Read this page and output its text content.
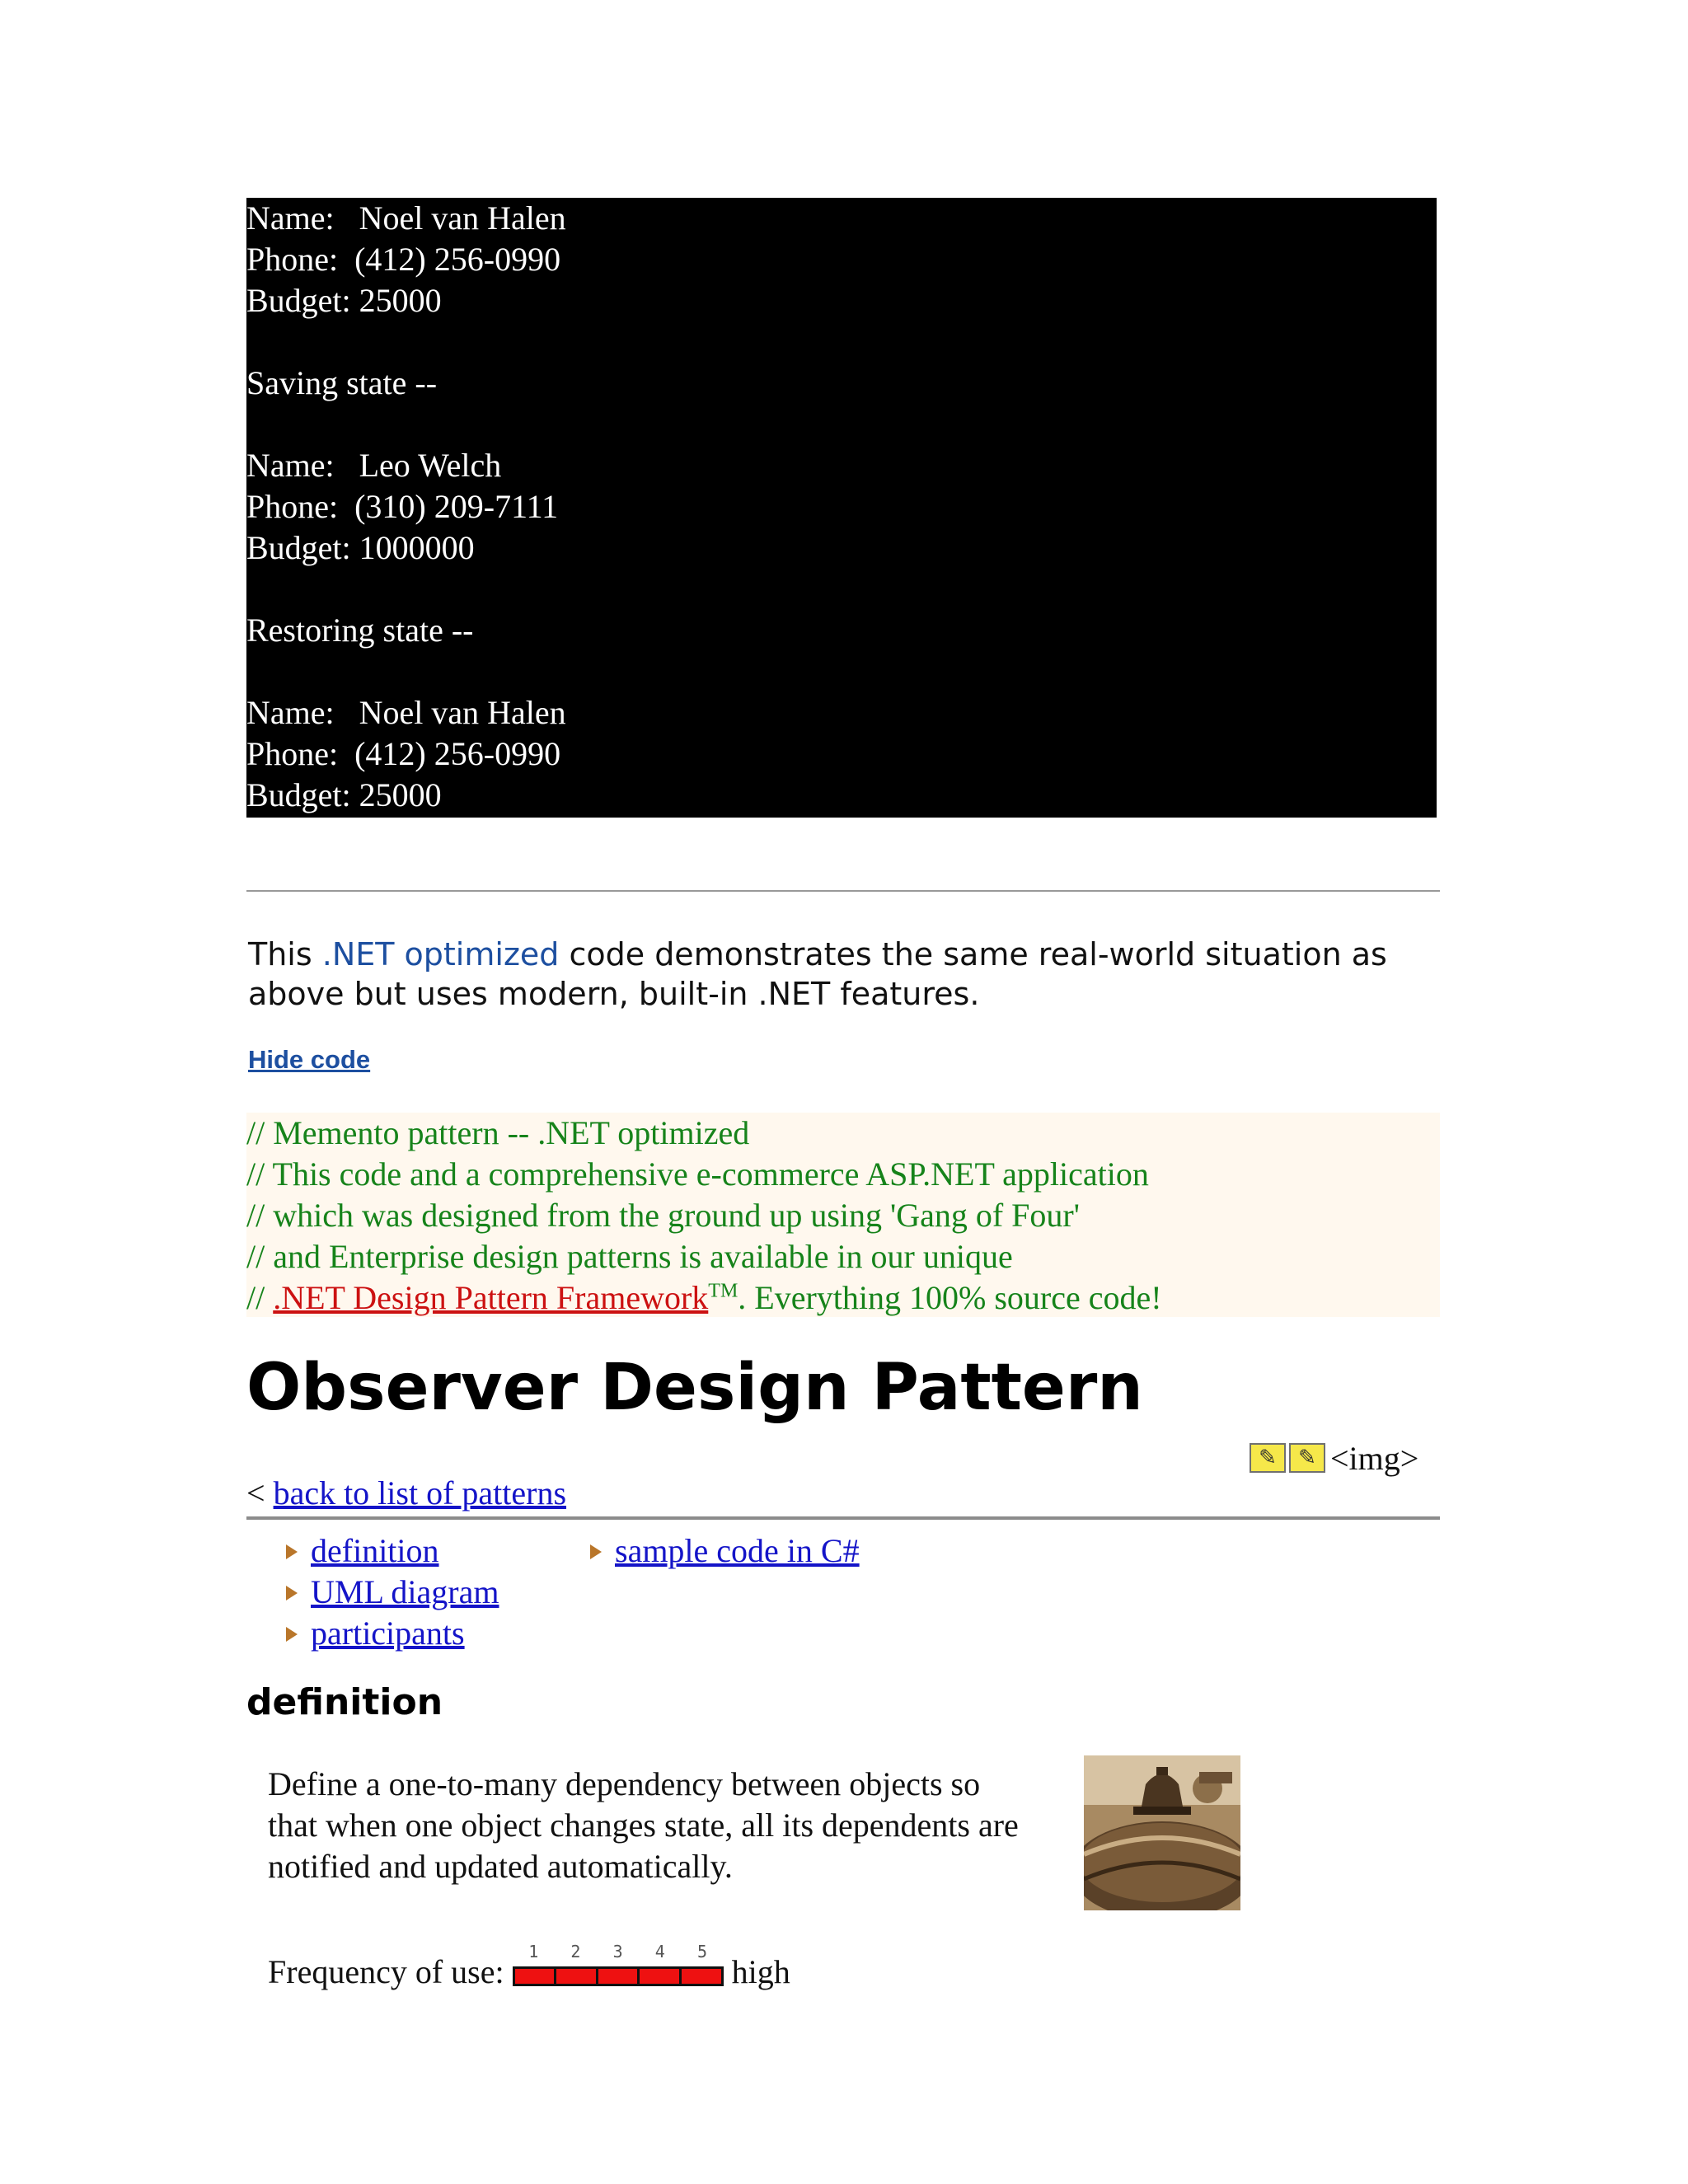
Name:   Noel van Halen
Phone:  (412) 256-0990
Budget: 25000
Saving state --
Name:   Leo Welch
Phone:  (310) 209-7111
Budget: 1000000
Restoring state --
Name:   Noel van Halen
Phone:  (412) 256-0990
Budget: 25000
This .NET optimized code demonstrates the same real-world situation as above but uses modern, built-in .NET features.
Hide code
// Memento pattern -- .NET optimized
// This code and a comprehensive e-commerce ASP.NET application
// which was designed from the ground up using 'Gang of Four'
// and Enterprise design patterns is available in our unique
// .NET Design Pattern Framework™. Everything 100% source code!
Observer Design Pattern
✎	✎ <img>
< back to list of patterns
definition
UML diagram
participants
sample code in C#
definition
Define a one-to-many dependency between objects so that when one object changes state, all its dependents are notified and updated automatically.
Frequency of use:
1 2 3 4 5
high
